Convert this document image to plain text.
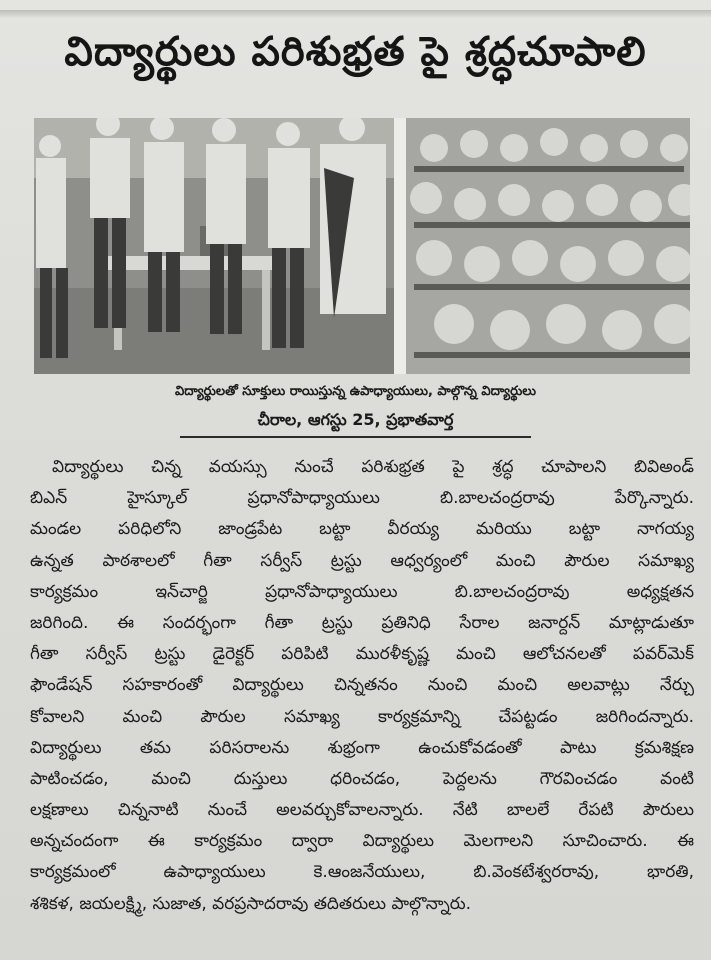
విద్యార్థులు పరిశుభ్రత పై శ్రద్ధచూపాలి
విద్యార్థులతో సూక్తులు రాయిస్తున్న ఉపాధ్యాయులు, పాల్గొన్న విద్యార్థులు
చీరాల, ఆగస్టు 25, ప్రభాతవార్త
విద్యార్థులు చిన్న వయస్సు నుంచే పరిశుభ్రత పై శ్రద్ధ చూపాలని బివిఅండ్
బిఎన్ హైస్కూల్ ప్రధానోపాధ్యాయులు బి.బాలచంద్రరావు పేర్కొన్నారు.
మండల పరిధిలోని జాండ్రపేట బట్టా వీరయ్య మరియు బట్టా నాగయ్య
ఉన్నత పాఠశాలలో గీతా సర్వీస్ ట్రస్టు ఆధ్వర్యంలో మంచి పౌరుల సమాఖ్య
కార్యక్రమం ఇన్‌చార్జి ప్రధానోపాధ్యాయులు బి.బాలచంద్రరావు అధ్యక్షతన
జరిగింది. ఈ సందర్భంగా గీతా ట్రస్టు ప్రతినిధి సేరాల జనార్దన్ మాట్లాడుతూ
గీతా సర్వీస్ ట్రస్టు డైరెక్టర్ పరిపిటి మురళీకృష్ణ మంచి ఆలోచనలతో పవర్‌మెక్
ఫౌండేషన్ సహకారంతో విద్యార్థులు చిన్నతనం నుంచి మంచి అలవాట్లు నేర్చు
కోవాలని మంచి పౌరుల సమాఖ్య కార్యక్రమాన్ని చేపట్టడం జరిగిందన్నారు.
విద్యార్థులు తమ పరిసరాలను శుభ్రంగా ఉంచుకోవడంతో పాటు క్రమశిక్షణ
పాటించడం, మంచి దుస్తులు ధరించడం, పెద్దలను గౌరవించడం వంటి
లక్షణాలు చిన్ననాటి నుంచే అలవర్చుకోవాలన్నారు. నేటి బాలలే రేపటి పౌరులు
అన్నచందంగా ఈ కార్యక్రమం ద్వారా విద్యార్థులు మెలగాలని సూచించారు. ఈ
కార్యక్రమంలో ఉపాధ్యాయులు కె.ఆంజనేయులు, బి.వెంకటేశ్వరరావు, భారతి,
శశికళ, జయలక్ష్మి, సుజాత, వరప్రసాదరావు తదితరులు పాల్గొన్నారు.
